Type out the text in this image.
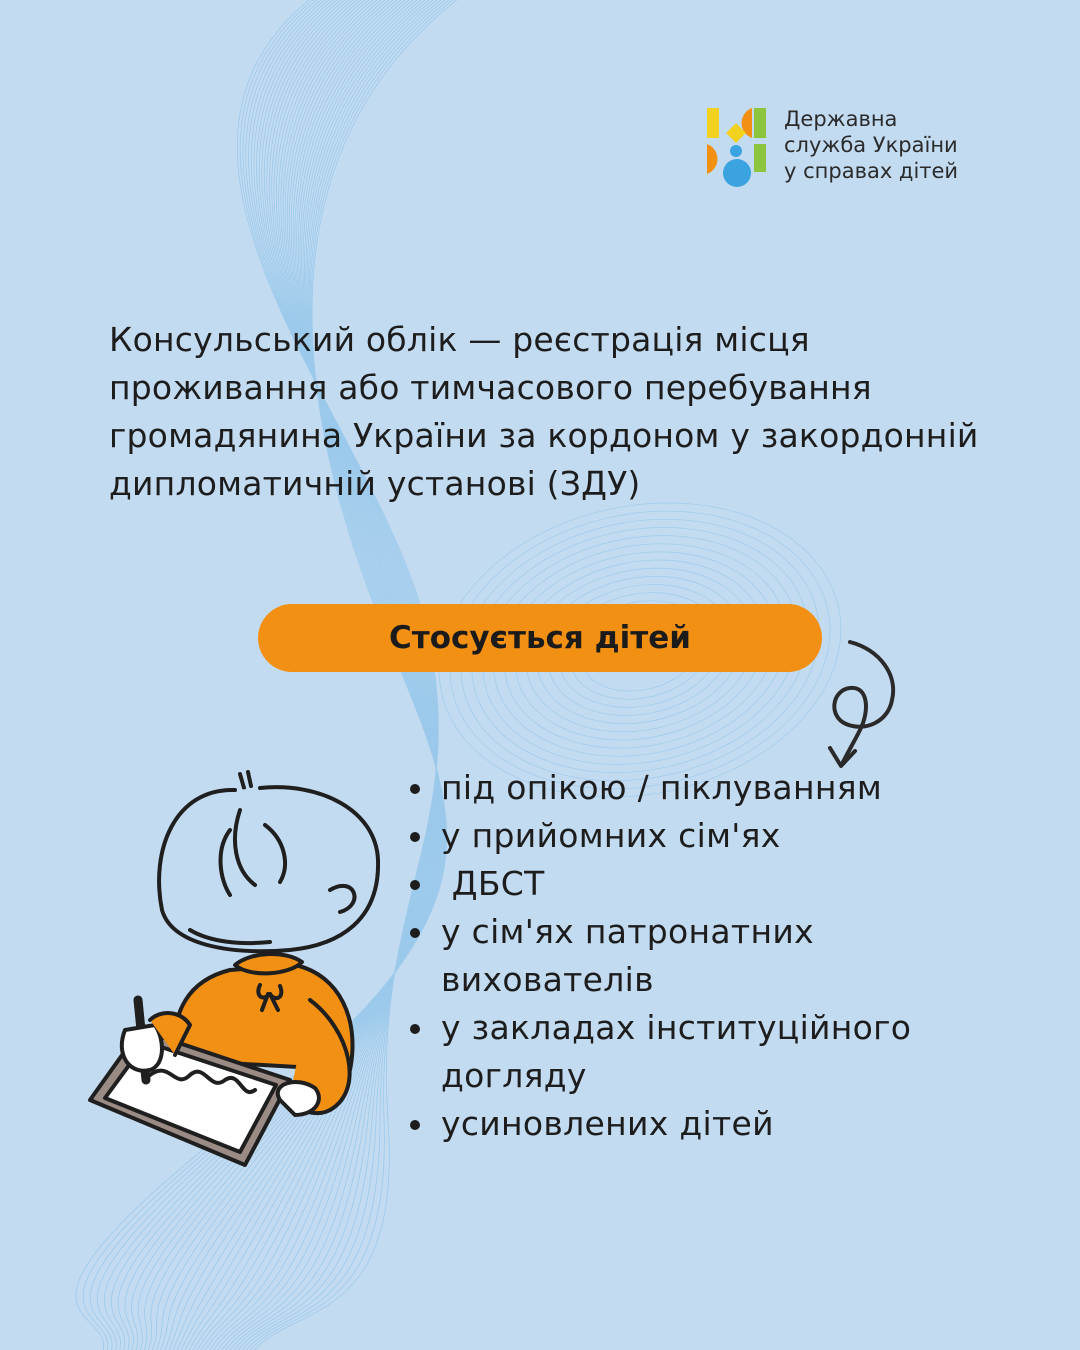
Державна
служба України
у справах дітей
Консульський облік — реєстрація місця проживання або тимчасового перебування громадянина України за кордоном у закордонній дипломатичній установі (ЗДУ)
Стосується дітей
під опікою / піклуванням
у прийомних сім'ях
ДБСТ
у сім'ях патронатних вихователів
у закладах інституційного догляду
усиновлених дітей
